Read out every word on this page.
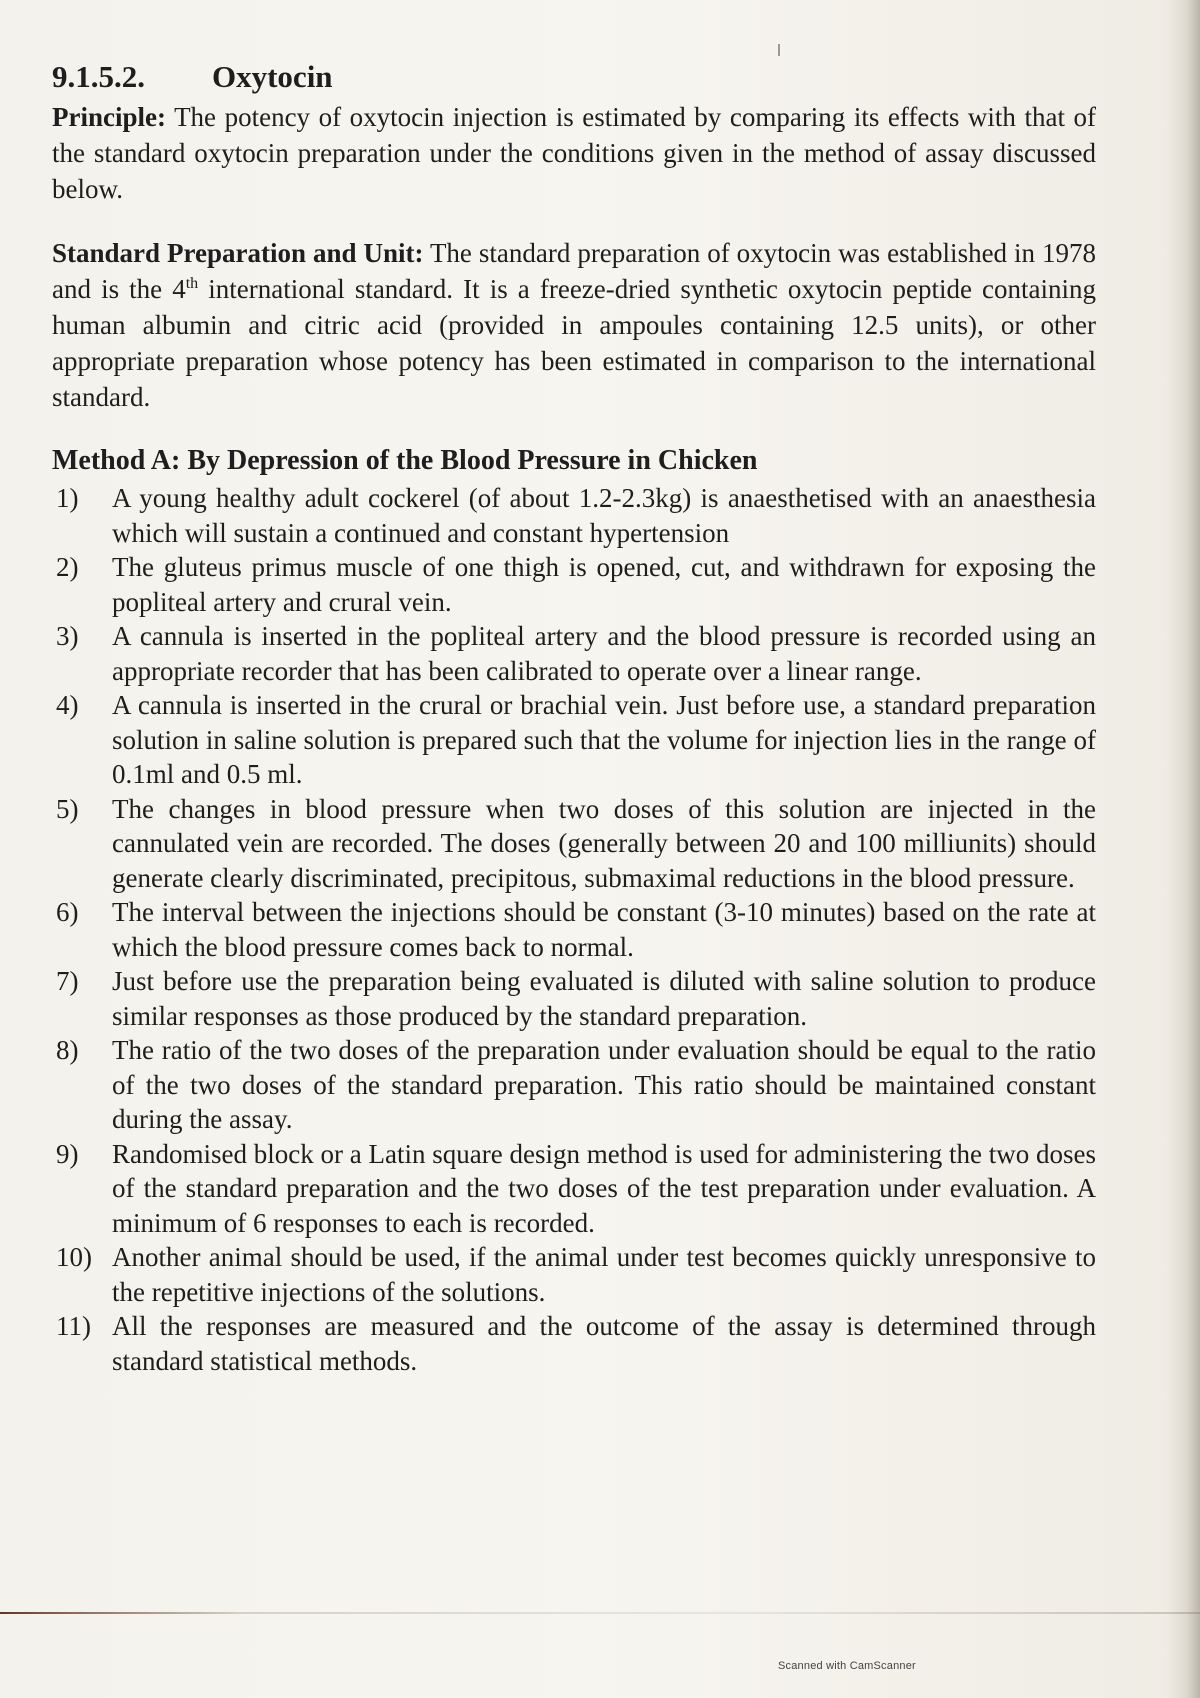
9.1.5.2. Oxytocin

Principle: The potency of oxytocin injection is estimated by comparing its effects with that of the standard oxytocin preparation under the conditions given in the method of assay discussed below.

Standard Preparation and Unit: The standard preparation of oxytocin was established in 1978 and is the 4th international standard. It is a freeze-dried synthetic oxytocin peptide containing human albumin and citric acid (provided in ampoules containing 12.5 units), or other appropriate preparation whose potency has been estimated in comparison to the international standard.

Method A: By Depression of the Blood Pressure in Chicken
1)	A young healthy adult cockerel (of about 1.2-2.3kg) is anaesthetised with an anaesthesia which will sustain a continued and constant hypertension
2)	The gluteus primus muscle of one thigh is opened, cut, and withdrawn for exposing the popliteal artery and crural vein.
3)	A cannula is inserted in the popliteal artery and the blood pressure is recorded using an appropriate recorder that has been calibrated to operate over a linear range.
4)	A cannula is inserted in the crural or brachial vein. Just before use, a standard preparation solution in saline solution is prepared such that the volume for injection lies in the range of 0.1ml and 0.5 ml.
5)	The changes in blood pressure when two doses of this solution are injected in the cannulated vein are recorded. The doses (generally between 20 and 100 milliunits) should generate clearly discriminated, precipitous, submaximal reductions in the blood pressure.
6)	The interval between the injections should be constant (3-10 minutes) based on the rate at which the blood pressure comes back to normal.
7)	Just before use the preparation being evaluated is diluted with saline solution to produce similar responses as those produced by the standard preparation.
8)	The ratio of the two doses of the preparation under evaluation should be equal to the ratio of the two doses of the standard preparation. This ratio should be maintained constant during the assay.
9)	Randomised block or a Latin square design method is used for administering the two doses of the standard preparation and the two doses of the test preparation under evaluation. A minimum of 6 responses to each is recorded.
10) Another animal should be used, if the animal under test becomes quickly unresponsive to the repetitive injections of the solutions.
11) All the responses are measured and the outcome of the assay is determined through standard statistical methods.
Scanned with CamScanner
